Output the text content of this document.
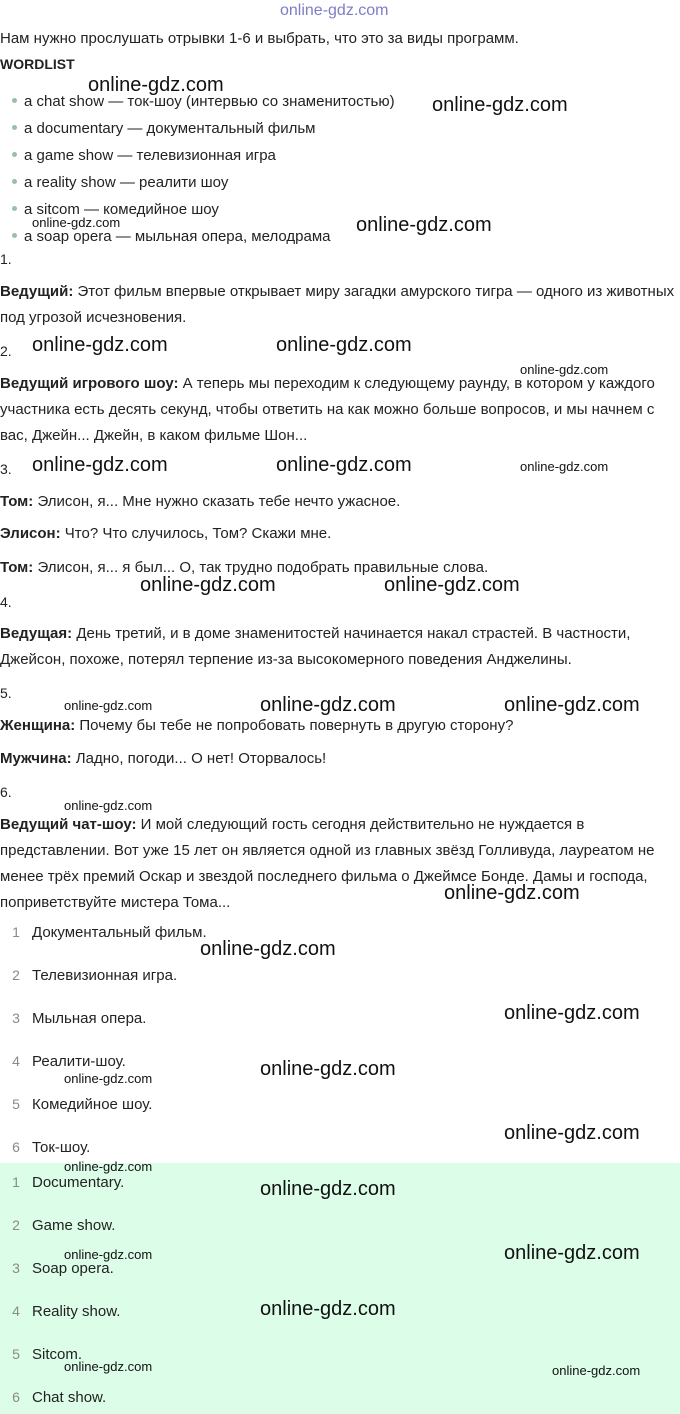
online-gdz.com
Нам нужно прослушать отрывки 1-6 и выбрать, что это за виды программ.
WORDLIST
a chat show — ток-шоу (интервью со знаменитостью)
a documentary — документальный фильм
a game show — телевизионная игра
a reality show — реалити шоу
a sitcom — комедийное шоу
a soap opera — мыльная опера, мелодрама
1.
Ведущий: Этот фильм впервые открывает миру загадки амурского тигра — одного из животных под угрозой исчезновения.
2.
Ведущий игрового шоу: А теперь мы переходим к следующему раунду, в котором у каждого участника есть десять секунд, чтобы ответить на как можно больше вопросов, и мы начнем с вас, Джейн... Джейн, в каком фильме Шон...
3.
Том: Элисон, я... Мне нужно сказать тебе нечто ужасное.
Элисон: Что? Что случилось, Том? Скажи мне.
Том: Элисон, я... я был... О, так трудно подобрать правильные слова.
4.
Ведущая: День третий, и в доме знаменитостей начинается накал страстей. В частности, Джейсон, похоже, потерял терпение из-за высокомерного поведения Анджелины.
5.
Женщина: Почему бы тебе не попробовать повернуть в другую сторону?
Мужчина: Ладно, погоди... О нет! Оторвалось!
6.
Ведущий чат-шоу: И мой следующий гость сегодня действительно не нуждается в представлении. Вот уже 15 лет он является одной из главных звёзд Голливуда, лауреатом не менее трёх премий Оскар и звездой последнего фильма о Джеймсе Бонде. Дамы и господа, поприветствуйте мистера Тома...
1 Документальный фильм.
2 Телевизионная игра.
3 Мыльная опера.
4 Реалити-шоу.
5 Комедийное шоу.
6 Ток-шоу.
1 Documentary.
2 Game show.
3 Soap opera.
4 Reality show.
5 Sitcom.
6 Chat show.
online-gdz.com
online-gdz.com
online-gdz.com	online-gdz.com
online-gdz.com	online-gdz.com
online-gdz.com
online-gdz.com	online-gdz.com	online-gdz.com
online-gdz.com	online-gdz.com
online-gdz.com	online-gdz.com	online-gdz.com
online-gdz.com
online-gdz.com
online-gdz.com
online-gdz.com
online-gdz.com
online-gdz.com
online-gdz.com
online-gdz.com
online-gdz.com
online-gdz.com	online-gdz.com
online-gdz.com
online-gdz.com	online-gdz.com
